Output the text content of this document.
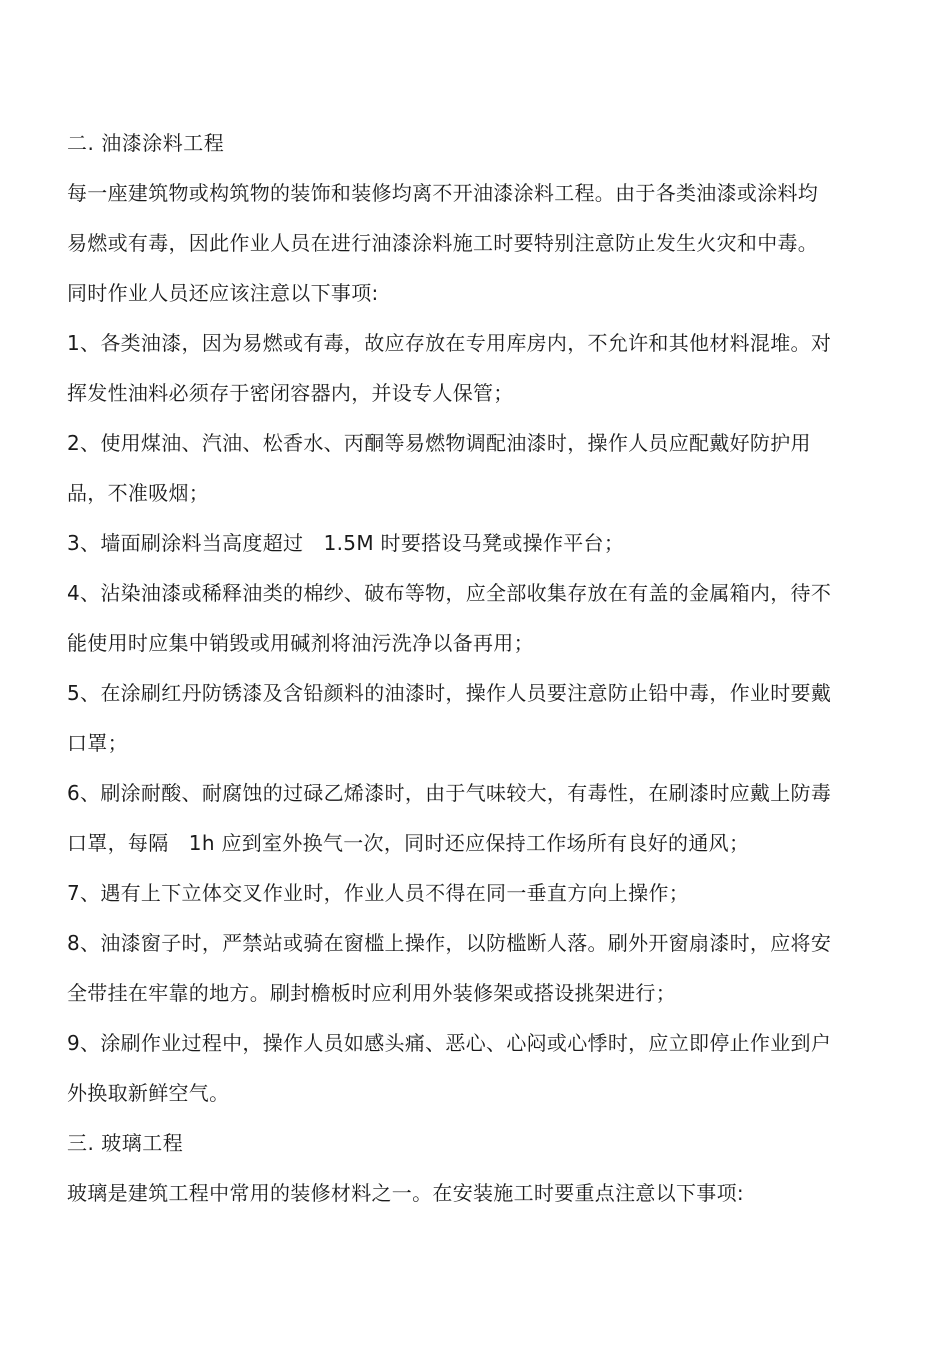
二. 油漆涂料工程

每一座建筑物或构筑物的装饰和装修均离不开油漆涂料工程。由于各类油漆或涂料均易燃或有毒，因此作业人员在进行油漆涂料施工时要特别注意防止发生火灾和中毒。同时作业人员还应该注意以下事项:

1、各类油漆，因为易燃或有毒，故应存放在专用库房内，不允许和其他材料混堆。对挥发性油料必须存于密闭容器内，并设专人保管；

2、使用煤油、汽油、松香水、丙酮等易燃物调配油漆时，操作人员应配戴好防护用品，不准吸烟；

3、墙面刷涂料当高度超过　1.5M 时要搭设马凳或操作平台；

4、沾染油漆或稀释油类的棉纱、破布等物，应全部收集存放在有盖的金属箱内，待不能使用时应集中销毁或用碱剂将油污洗净以备再用；

5、在涂刷红丹防锈漆及含铅颜料的油漆时，操作人员要注意防止铅中毒，作业时要戴口罩；

6、刷涂耐酸、耐腐蚀的过碌乙烯漆时，由于气味较大，有毒性，在刷漆时应戴上防毒口罩，每隔　1h 应到室外换气一次，同时还应保持工作场所有良好的通风；

7、遇有上下立体交叉作业时，作业人员不得在同一垂直方向上操作；

8、油漆窗子时，严禁站或骑在窗槛上操作，以防槛断人落。刷外开窗扇漆时，应将安全带挂在牢靠的地方。刷封檐板时应利用外装修架或搭设挑架进行；

9、涂刷作业过程中，操作人员如感头痛、恶心、心闷或心悸时，应立即停止作业到户外换取新鲜空气。

三. 玻璃工程

玻璃是建筑工程中常用的装修材料之一。在安装施工时要重点注意以下事项:
